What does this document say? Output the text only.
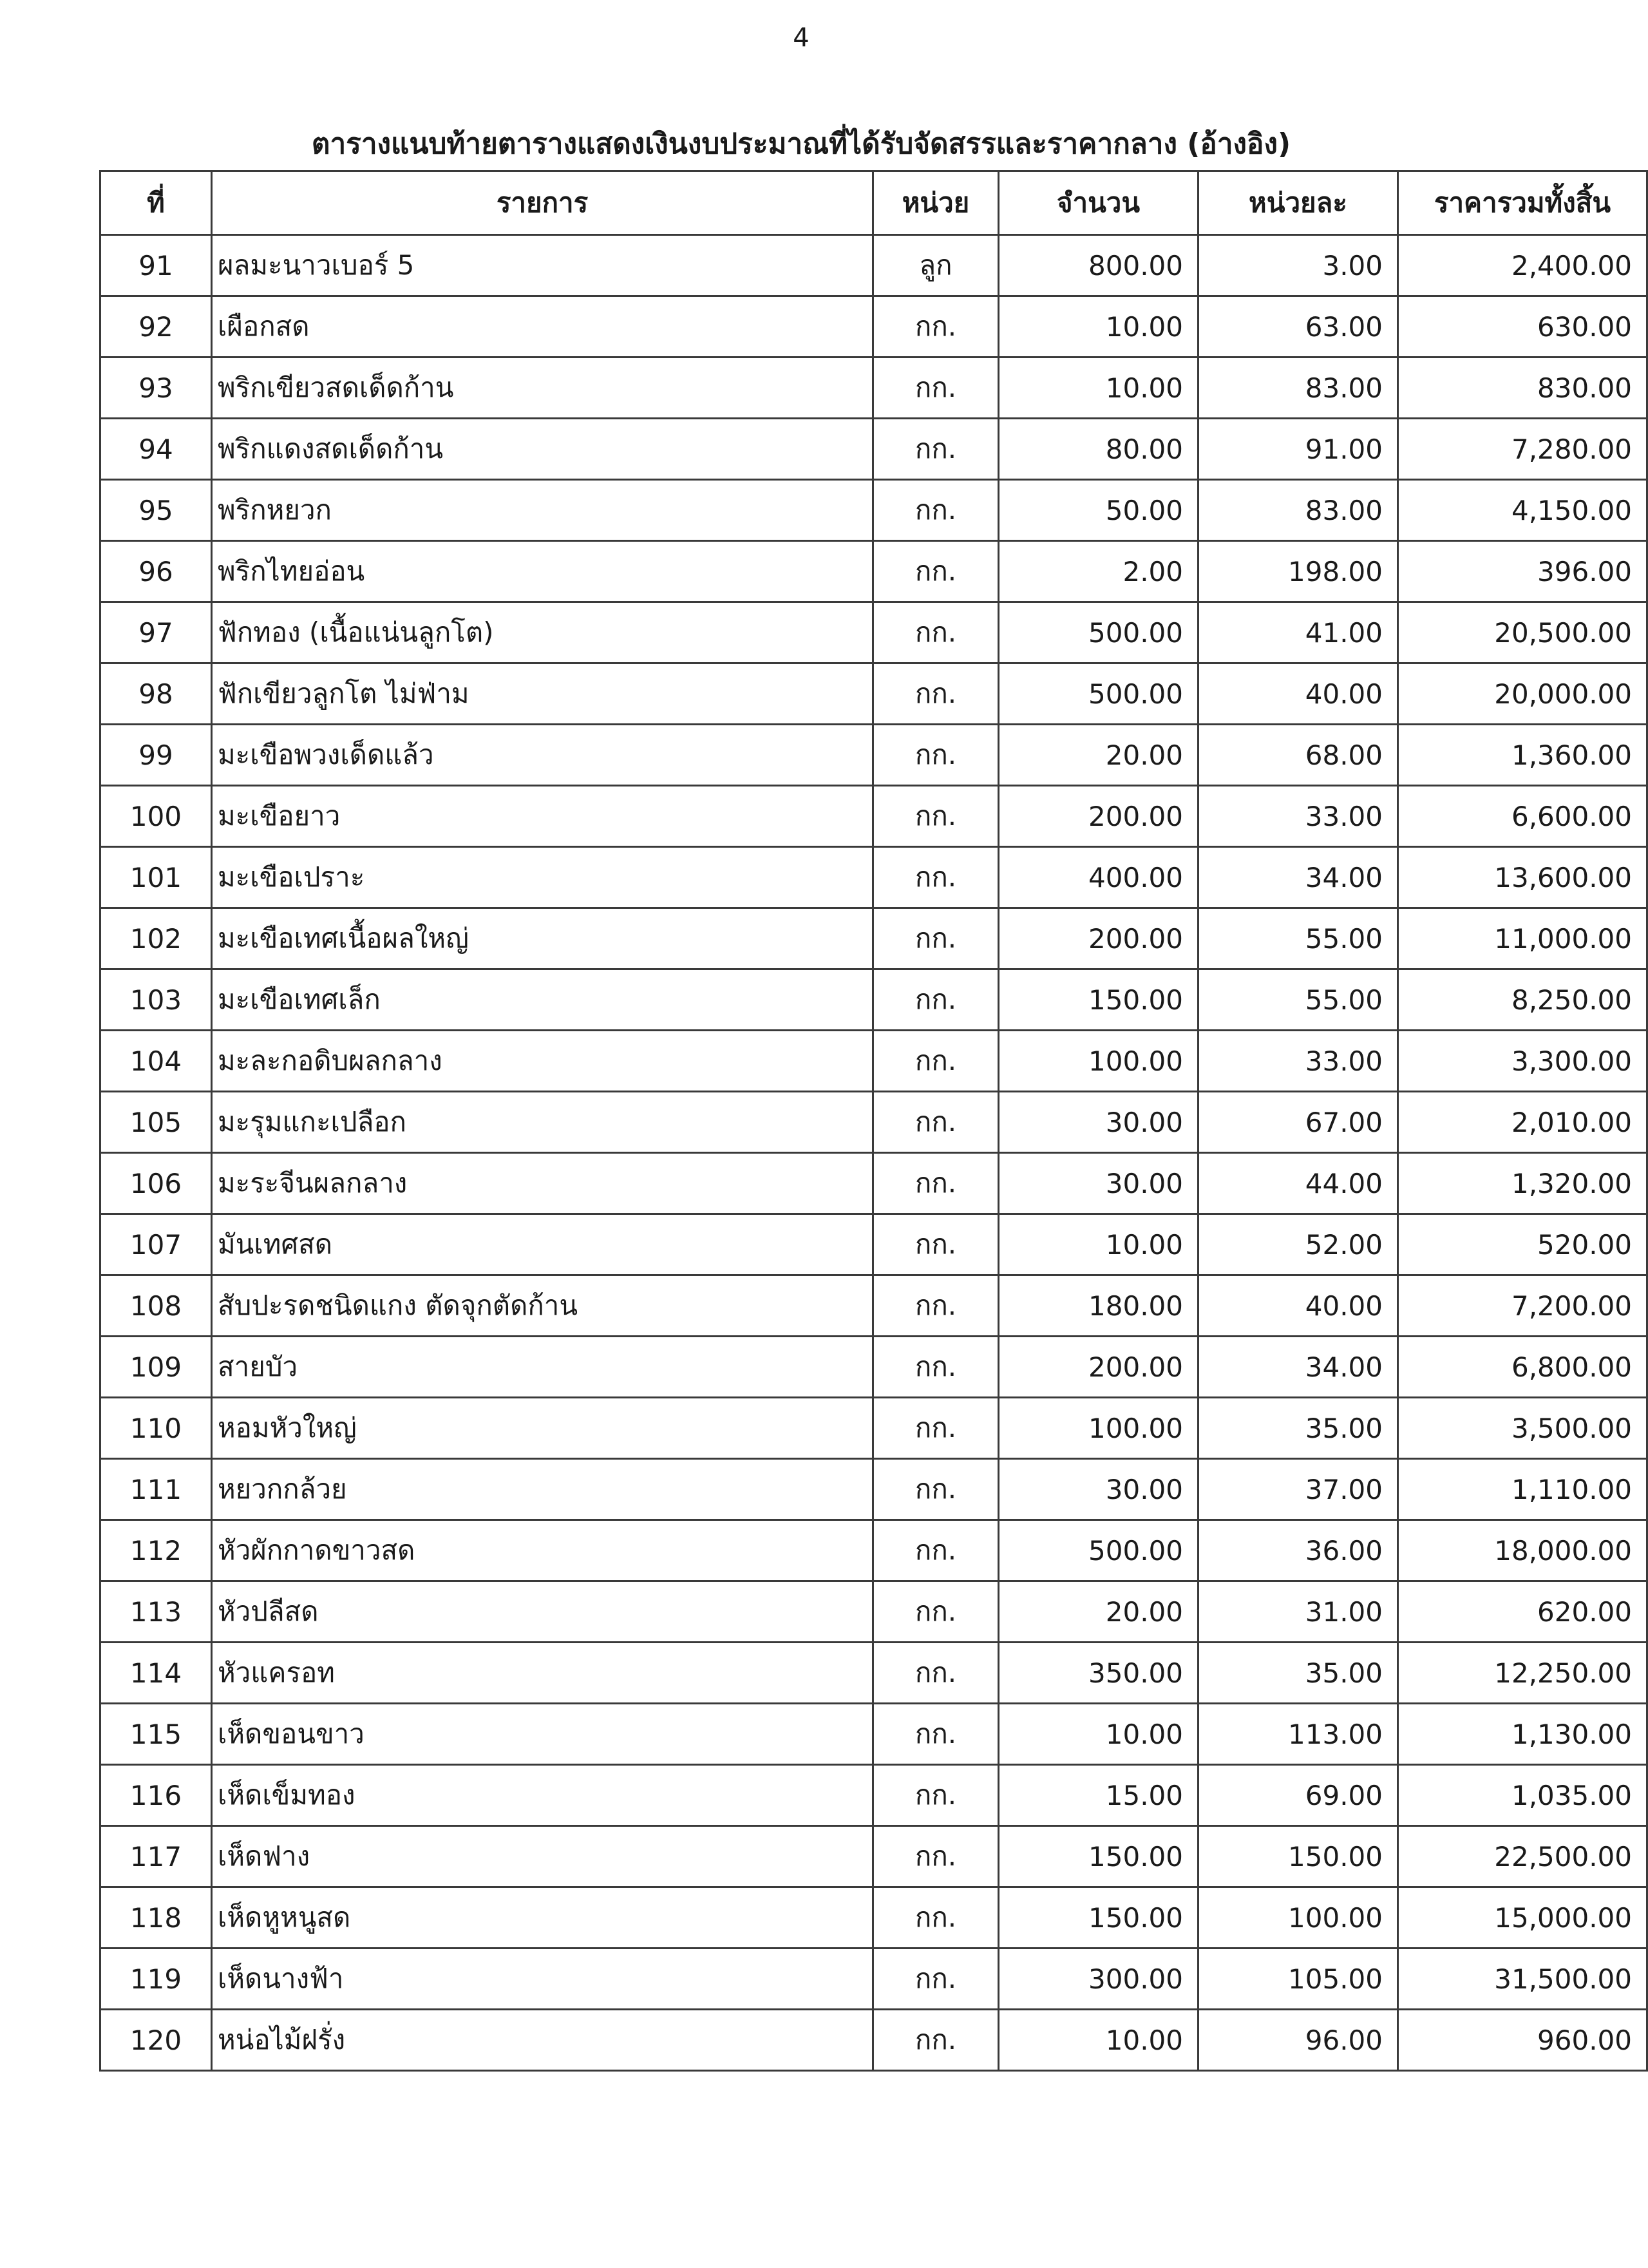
4
ตารางแนบท้ายตารางแสดงเงินงบประมาณที่ได้รับจัดสรรและราคากลาง (อ้างอิง)
ที่	รายการ	หน่วย	จำนวน	หน่วยละ	ราคารวมทั้งสิ้น
91	ผลมะนาวเบอร์ 5	ลูก	800.00	3.00	2,400.00
92	เผือกสด	กก.	10.00	63.00	630.00
93	พริกเขียวสดเด็ดก้าน	กก.	10.00	83.00	830.00
94	พริกแดงสดเด็ดก้าน	กก.	80.00	91.00	7,280.00
95	พริกหยวก	กก.	50.00	83.00	4,150.00
96	พริกไทยอ่อน	กก.	2.00	198.00	396.00
97	ฟักทอง (เนื้อแน่นลูกโต)	กก.	500.00	41.00	20,500.00
98	ฟักเขียวลูกโต ไม่ฟ่าม	กก.	500.00	40.00	20,000.00
99	มะเขือพวงเด็ดแล้ว	กก.	20.00	68.00	1,360.00
100	มะเขือยาว	กก.	200.00	33.00	6,600.00
101	มะเขือเปราะ	กก.	400.00	34.00	13,600.00
102	มะเขือเทศเนื้อผลใหญ่	กก.	200.00	55.00	11,000.00
103	มะเขือเทศเล็ก	กก.	150.00	55.00	8,250.00
104	มะละกอดิบผลกลาง	กก.	100.00	33.00	3,300.00
105	มะรุมแกะเปลือก	กก.	30.00	67.00	2,010.00
106	มะระจีนผลกลาง	กก.	30.00	44.00	1,320.00
107	มันเทศสด	กก.	10.00	52.00	520.00
108	สับปะรดชนิดแกง ตัดจุกตัดก้าน	กก.	180.00	40.00	7,200.00
109	สายบัว	กก.	200.00	34.00	6,800.00
110	หอมหัวใหญ่	กก.	100.00	35.00	3,500.00
111	หยวกกล้วย	กก.	30.00	37.00	1,110.00
112	หัวผักกาดขาวสด	กก.	500.00	36.00	18,000.00
113	หัวปลีสด	กก.	20.00	31.00	620.00
114	หัวแครอท	กก.	350.00	35.00	12,250.00
115	เห็ดขอนขาว	กก.	10.00	113.00	1,130.00
116	เห็ดเข็มทอง	กก.	15.00	69.00	1,035.00
117	เห็ดฟาง	กก.	150.00	150.00	22,500.00
118	เห็ดหูหนูสด	กก.	150.00	100.00	15,000.00
119	เห็ดนางฟ้า	กก.	300.00	105.00	31,500.00
120	หน่อไม้ฝรั่ง	กก.	10.00	96.00	960.00
